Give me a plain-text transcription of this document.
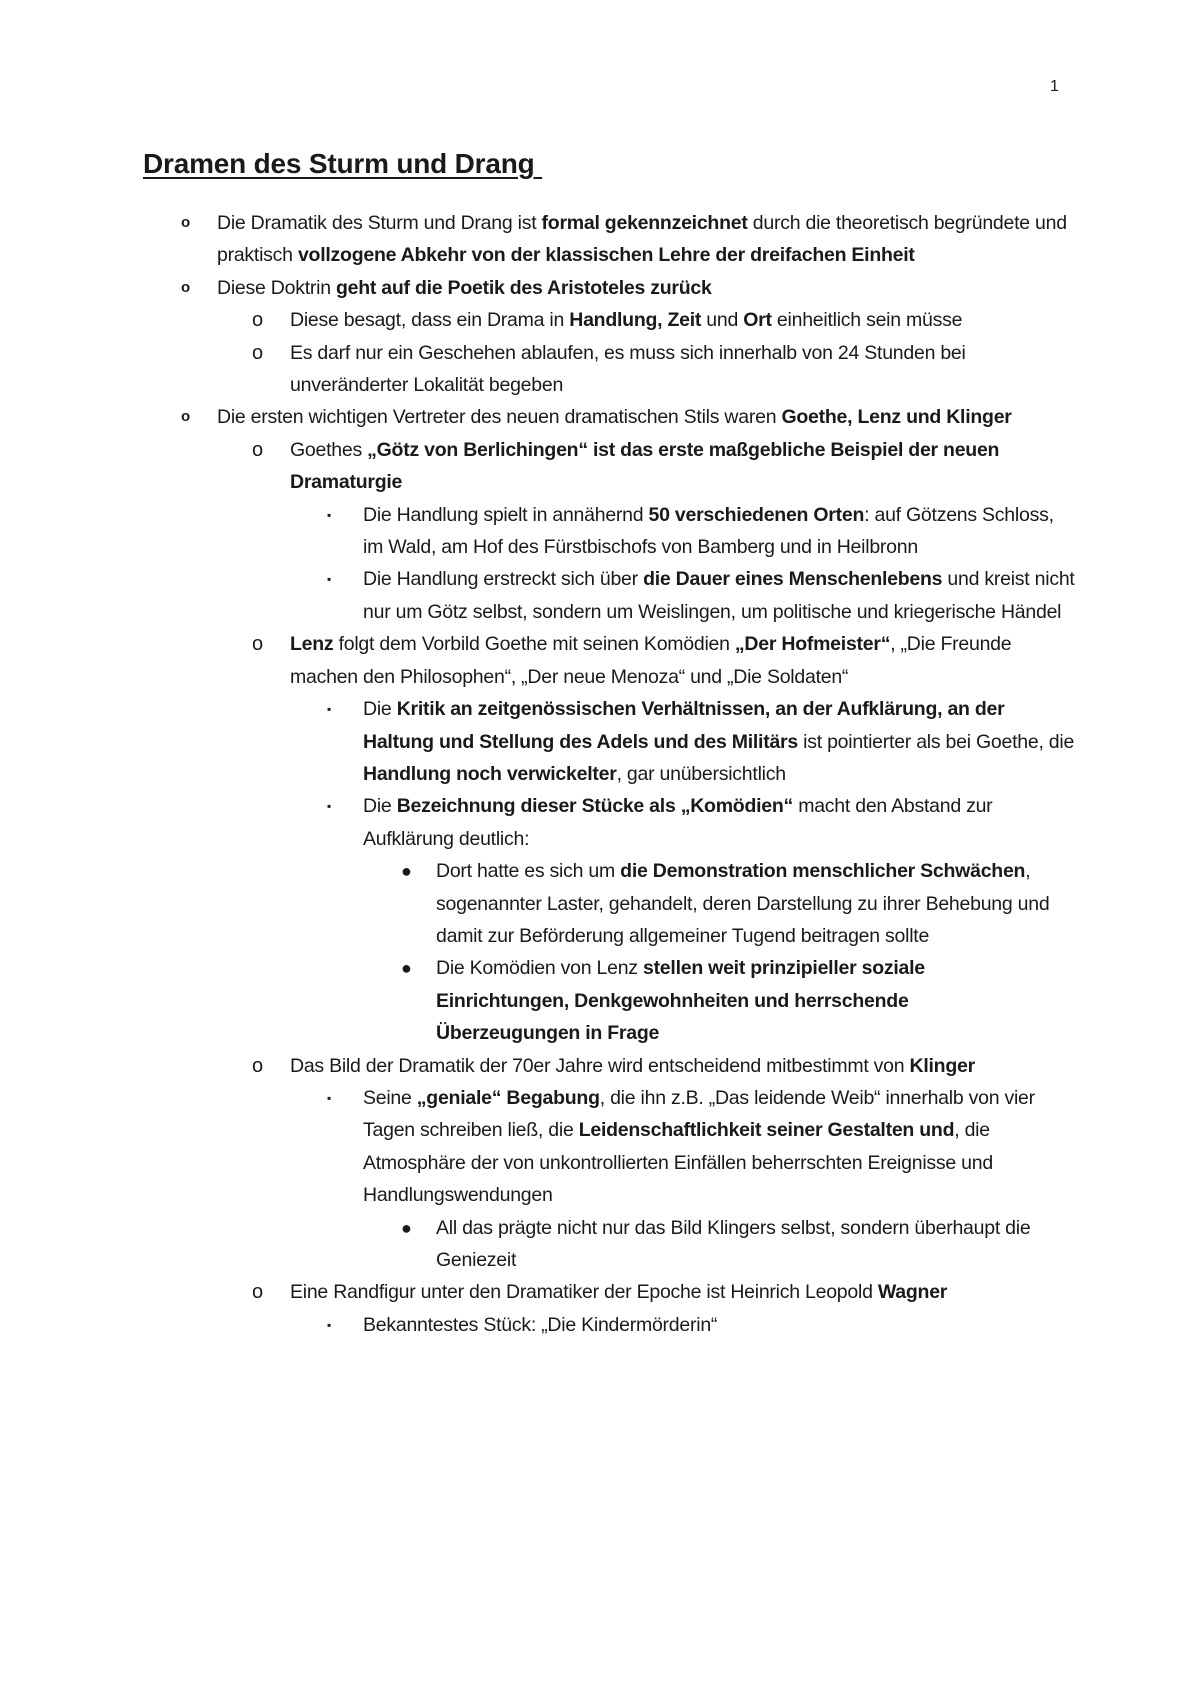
1
Dramen des Sturm und Drang
o Die Dramatik des Sturm und Drang ist formal gekennzeichnet durch die theoretisch begründete und praktisch vollzogene Abkehr von der klassischen Lehre der dreifachen Einheit
o Diese Doktrin geht auf die Poetik des Aristoteles zurück
o Diese besagt, dass ein Drama in Handlung, Zeit und Ort einheitlich sein müsse
o Es darf nur ein Geschehen ablaufen, es muss sich innerhalb von 24 Stunden bei unveränderter Lokalität begeben
o Die ersten wichtigen Vertreter des neuen dramatischen Stils waren Goethe, Lenz und Klinger
o Goethes „Götz von Berlichingen“ ist das erste maßgebliche Beispiel der neuen Dramaturgie
▪ Die Handlung spielt in annähernd 50 verschiedenen Orten: auf Götzens Schloss, im Wald, am Hof des Fürstbischofs von Bamberg und in Heilbronn
▪ Die Handlung erstreckt sich über die Dauer eines Menschenlebens und kreist nicht nur um Götz selbst, sondern um Weislingen, um politische und kriegerische Händel
o Lenz folgt dem Vorbild Goethe mit seinen Komödien „Der Hofmeister“, „Die Freunde machen den Philosophen“, „Der neue Menoza“ und „Die Soldaten“
▪ Die Kritik an zeitgenössischen Verhältnissen, an der Aufklärung, an der Haltung und Stellung des Adels und des Militärs ist pointierter als bei Goethe, die Handlung noch verwickelter, gar unübersichtlich
▪ Die Bezeichnung dieser Stücke als „Komödien“ macht den Abstand zur Aufklärung deutlich:
● Dort hatte es sich um die Demonstration menschlicher Schwächen, sogenannter Laster, gehandelt, deren Darstellung zu ihrer Behebung und damit zur Beförderung allgemeiner Tugend beitragen sollte
● Die Komödien von Lenz stellen weit prinzipieller soziale Einrichtungen, Denkgewohnheiten und herrschende Überzeugungen in Frage
o Das Bild der Dramatik der 70er Jahre wird entscheidend mitbestimmt von Klinger
▪ Seine „geniale“ Begabung, die ihn z.B. „Das leidende Weib“ innerhalb von vier Tagen schreiben ließ, die Leidenschaftlichkeit seiner Gestalten und, die Atmosphäre der von unkontrollierten Einfällen beherrschten Ereignisse und Handlungswendungen
● All das prägte nicht nur das Bild Klingers selbst, sondern überhaupt die Geniezeit
o Eine Randfigur unter den Dramatiker der Epoche ist Heinrich Leopold Wagner
▪ Bekanntestes Stück: „Die Kindermörderin“
